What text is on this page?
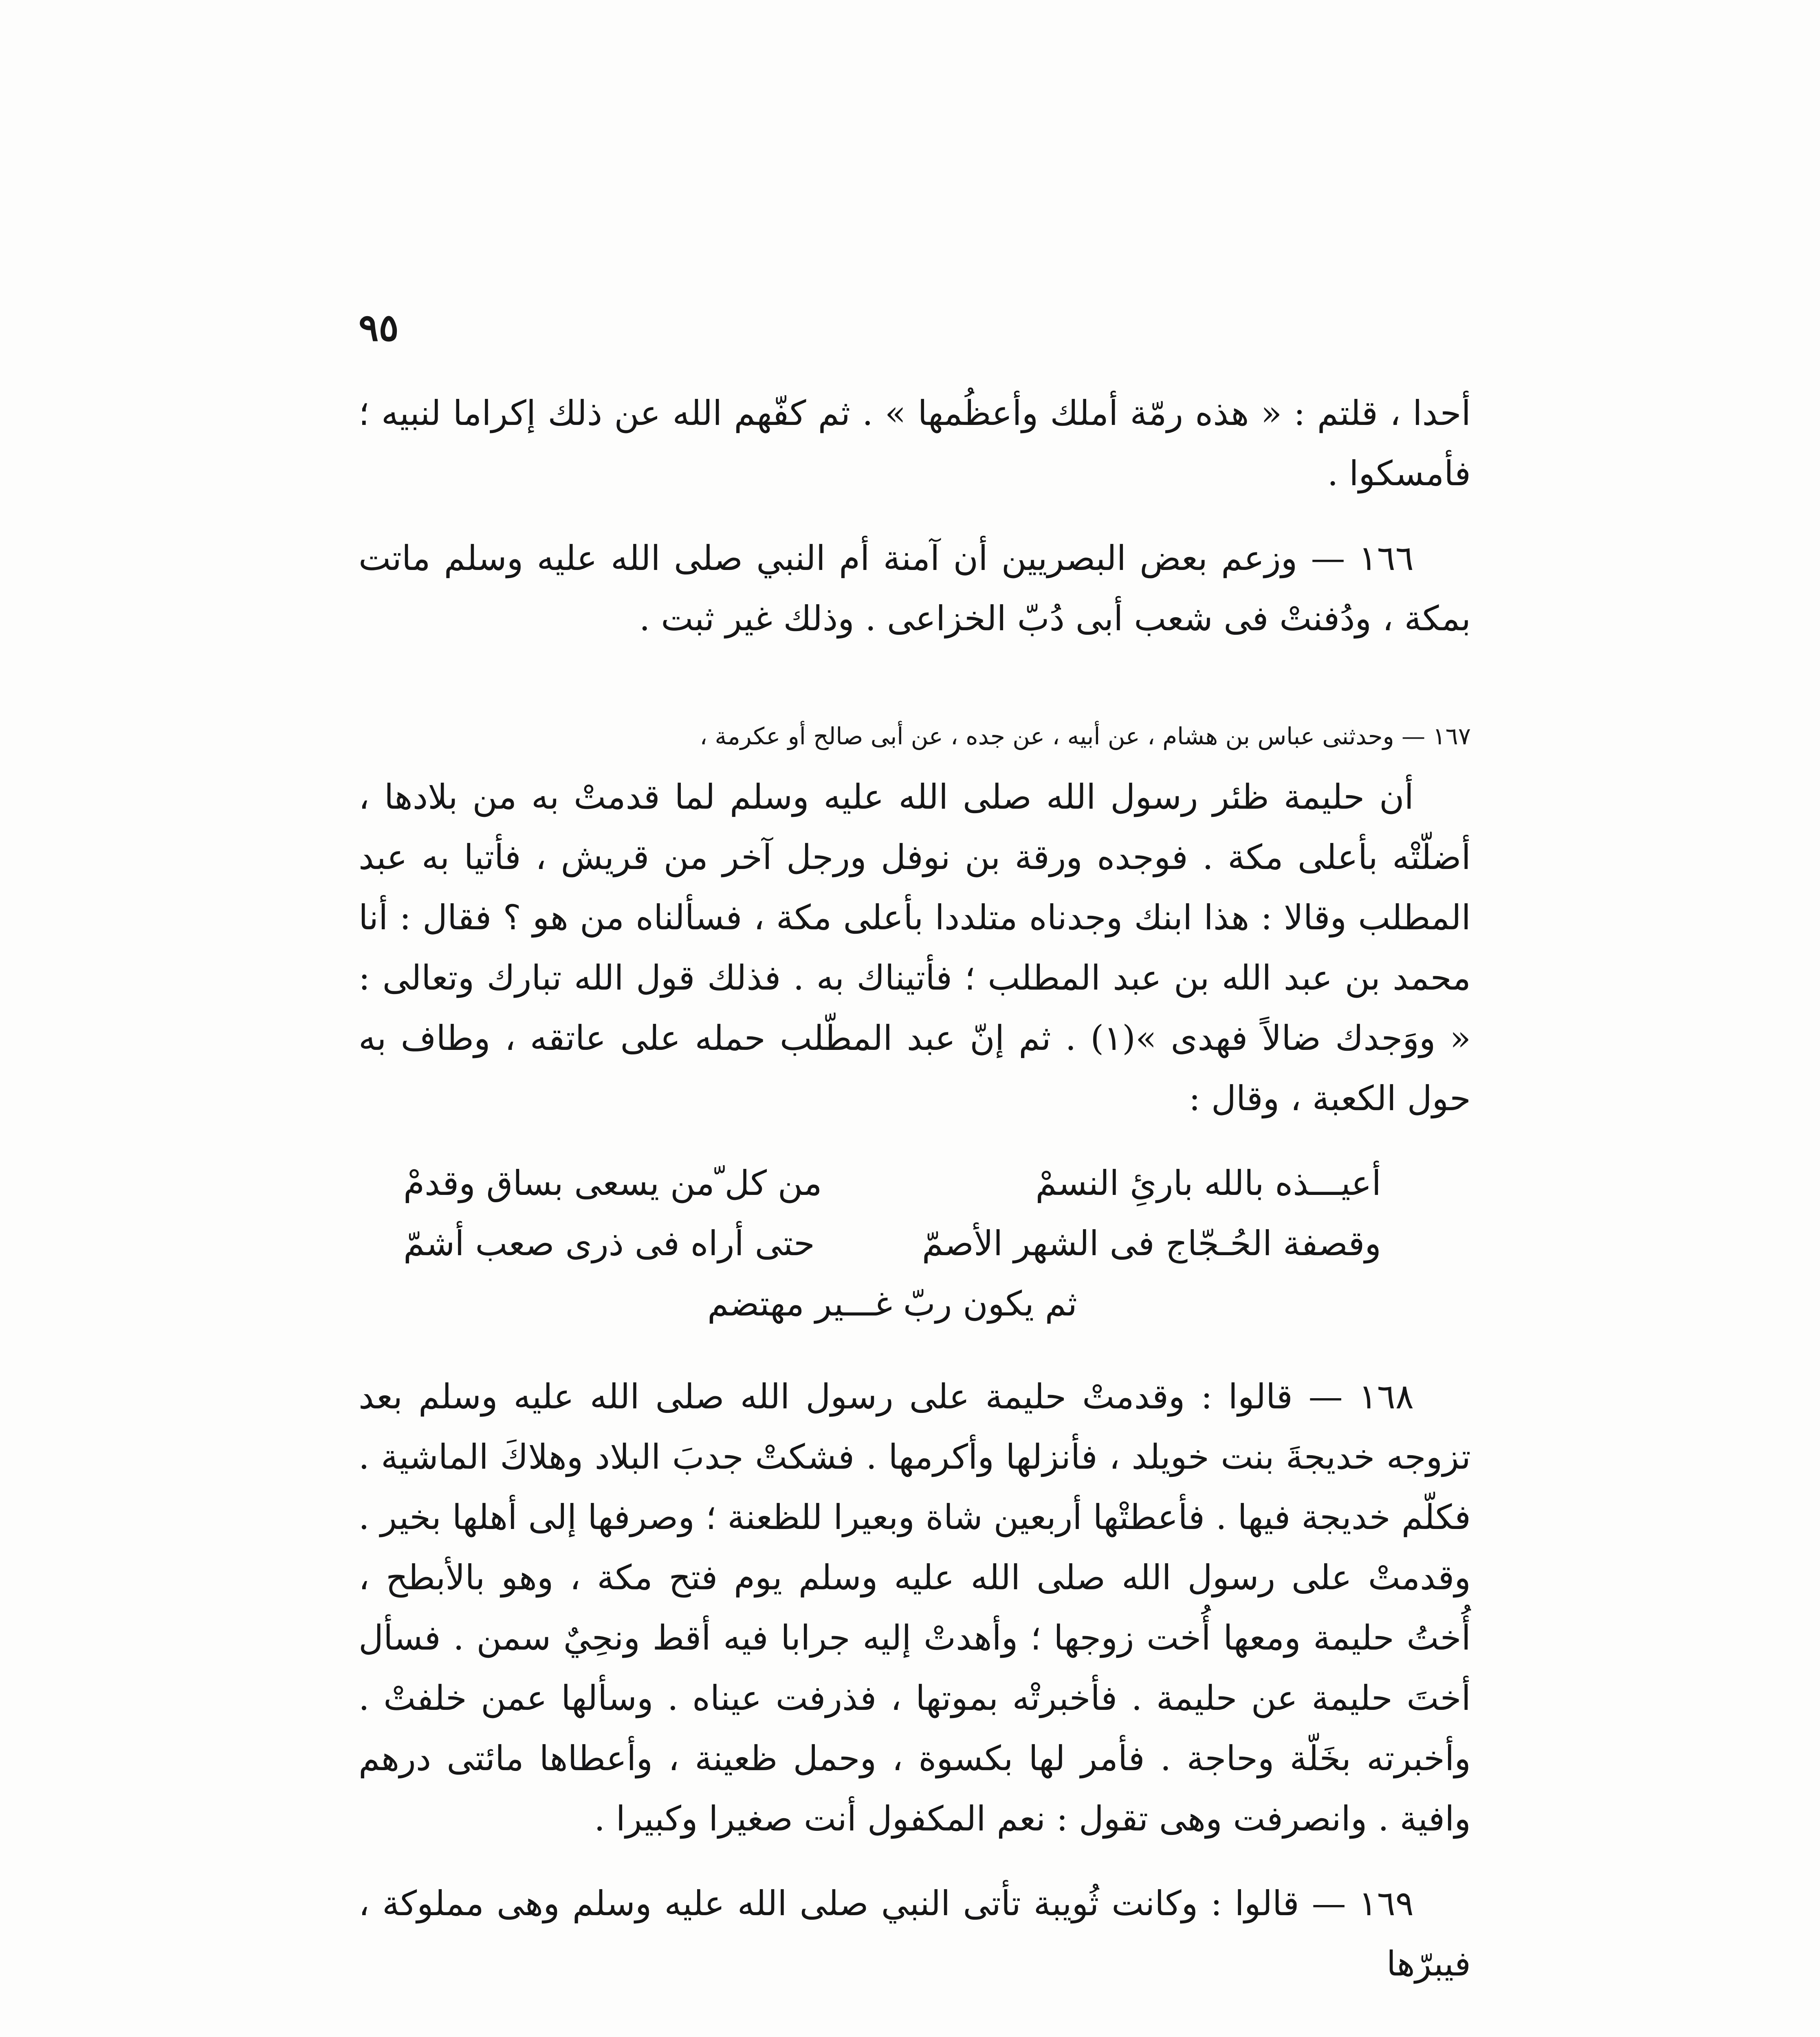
٩٥

أحدا ، قلتم : « هذه رمّة أملك وأعظُمها » . ثم كفّهم الله عن ذلك إكراما لنبيه ؛ فأمسكوا .

١٦٦ — وزعم بعض البصريين أن آمنة أم النبي صلى الله عليه وسلم ماتت بمكة ، ودُفنتْ فى شعب أبى دُبّ الخزاعى . وذلك غير ثبت .

١٦٧ — وحدثنى عباس بن هشام ، عن أبيه ، عن جده ، عن أبى صالح أو عكرمة ،

أن حليمة ظئر رسول الله صلى الله عليه وسلم لما قدمتْ به من بلادها ، أضلّتْه بأعلى مكة . فوجده ورقة بن نوفل ورجل آخر من قريش ، فأتيا به عبد المطلب وقالا : هذا ابنك وجدناه متلددا بأعلى مكة ، فسألناه من هو ؟ فقال : أنا محمد بن عبد الله بن عبد المطلب ؛ فأتيناك به . فذلك قول الله تبارك وتعالى : « ووَجدك ضالاً فهدى »(١) . ثم إنّ عبد المطّلب حمله على عاتقه ، وطاف به حول الكعبة ، وقال :

أعيـــذه بالله بارئِ النسمْ
من كل ّمن يسعى بساق وقدمْ
وقصفة الحُـجّاج فى الشهر الأصمّ
حتى أراه فى ذرى صعب أشمّ
ثم يكون ربّ غـــير مهتضم

١٦٨ — قالوا : وقدمتْ حليمة على رسول الله صلى الله عليه وسلم بعد تزوجه خديجةَ بنت خويلد ، فأنزلها وأكرمها . فشكتْ جدبَ البلاد وهلاكَ الماشية . فكلّم خديجة فيها . فأعطتْها أربعين شاة وبعيرا للظعنة ؛ وصرفها إلى أهلها بخير . وقدمتْ على رسول الله صلى الله عليه وسلم يوم فتح مكة ، وهو بالأبطح ، أُختُ حليمة ومعها أُخت زوجها ؛ وأهدتْ إليه جرابا فيه أقط ونحِيٌ سمن . فسأل أختَ حليمة عن حليمة . فأخبرتْه بموتها ، فذرفت عيناه . وسألها عمن خلفتْ . وأخبرته بخَلّة وحاجة . فأمر لها بكسوة ، وحمل ظعينة ، وأعطاها مائتى درهم وافية . وانصرفت وهى تقول : نعم المكفول أنت صغيرا وكبيرا .

١٦٩ — قالوا : وكانت ثُويبة تأتى النبي صلى الله عليه وسلم وهى مملوكة ، فيبرّها
